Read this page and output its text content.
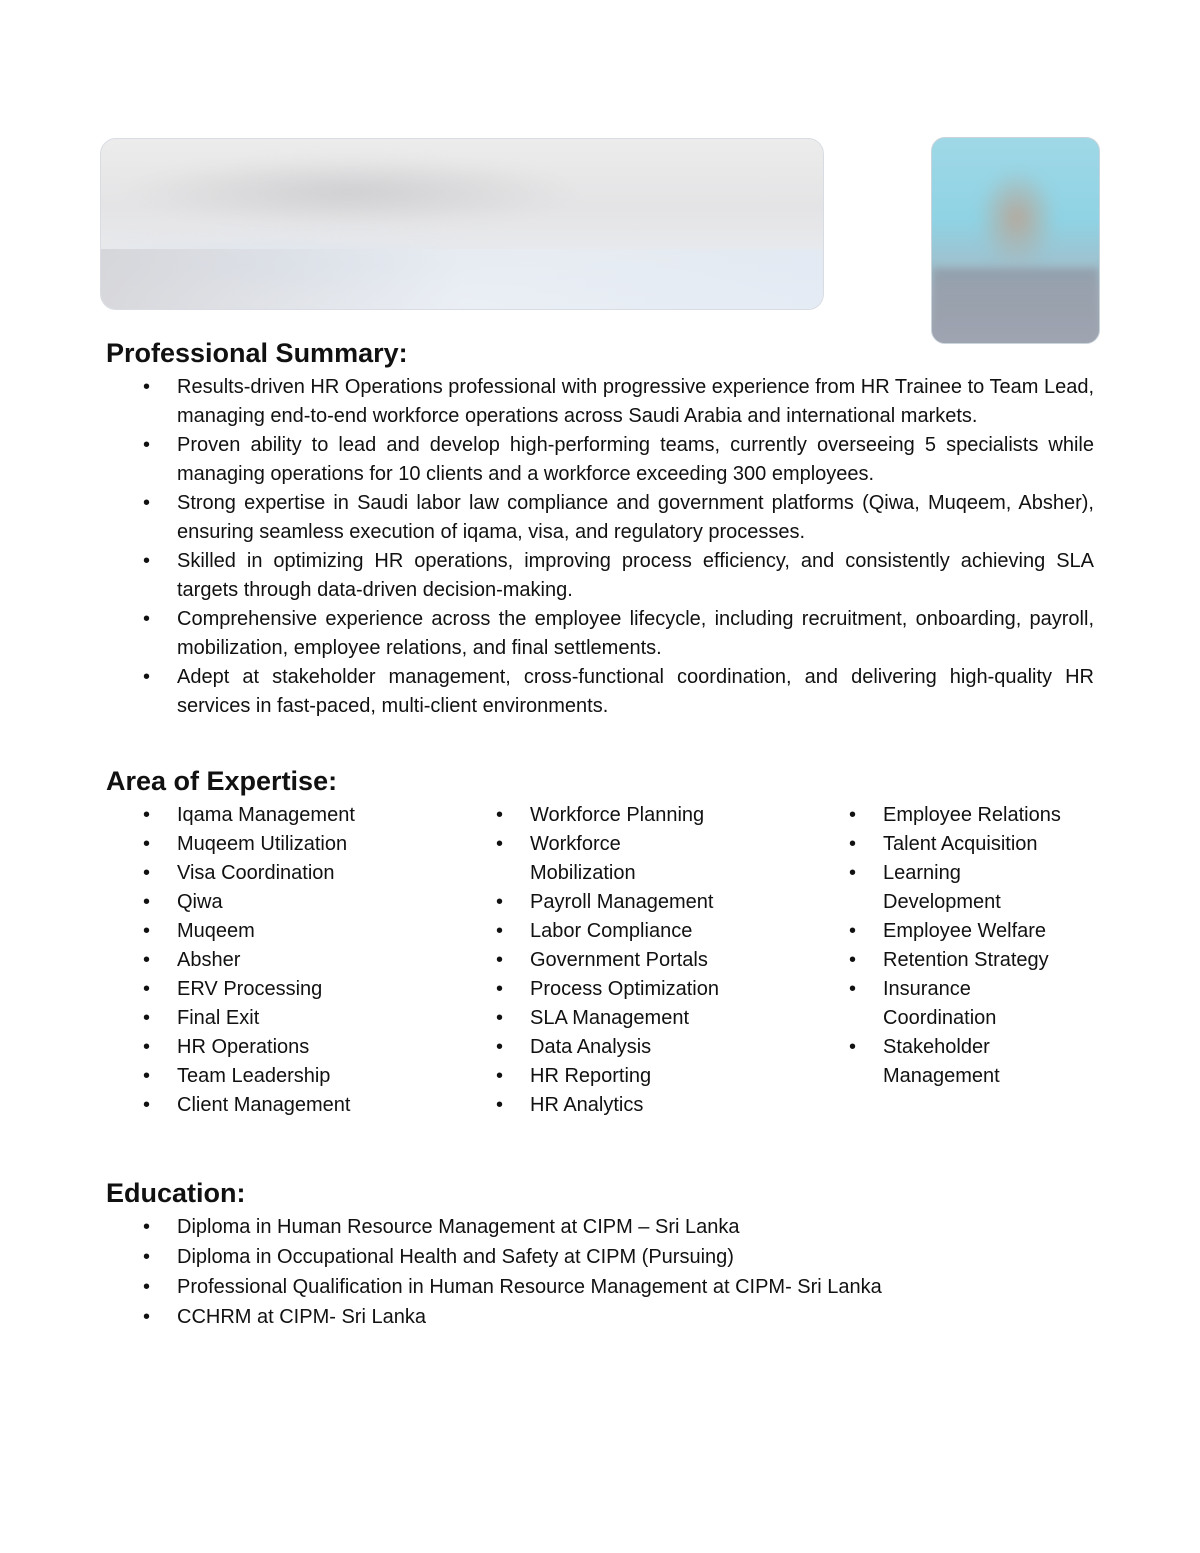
Professional Summary:
• Results-driven HR Operations professional with progressive experience from HR Trainee to Team Lead, managing end-to-end workforce operations across Saudi Arabia and international markets.
• Proven ability to lead and develop high-performing teams, currently overseeing 5 specialists while managing operations for 10 clients and a workforce exceeding 300 employees.
• Strong expertise in Saudi labor law compliance and government platforms (Qiwa, Muqeem, Absher), ensuring seamless execution of iqama, visa, and regulatory processes.
• Skilled in optimizing HR operations, improving process efficiency, and consistently achieving SLA targets through data-driven decision-making.
• Comprehensive experience across the employee lifecycle, including recruitment, onboarding, payroll, mobilization, employee relations, and final settlements.
• Adept at stakeholder management, cross-functional coordination, and delivering high-quality HR services in fast-paced, multi-client environments.
Area of Expertise:
• Iqama Management
• Muqeem Utilization
• Visa Coordination
• Qiwa
• Muqeem
• Absher
• ERV Processing
• Final Exit
• HR Operations
• Team Leadership
• Client Management
• Workforce Planning
• Workforce Mobilization
• Payroll Management
• Labor Compliance
• Government Portals
• Process Optimization
• SLA Management
• Data Analysis
• HR Reporting
• HR Analytics
• Employee Relations
• Talent Acquisition
• Learning Development
• Employee Welfare
• Retention Strategy
• Insurance Coordination
• Stakeholder Management
Education:
• Diploma in Human Resource Management at CIPM – Sri Lanka
• Diploma in Occupational Health and Safety at CIPM (Pursuing)
• Professional Qualification in Human Resource Management at CIPM- Sri Lanka
• CCHRM at CIPM- Sri Lanka
